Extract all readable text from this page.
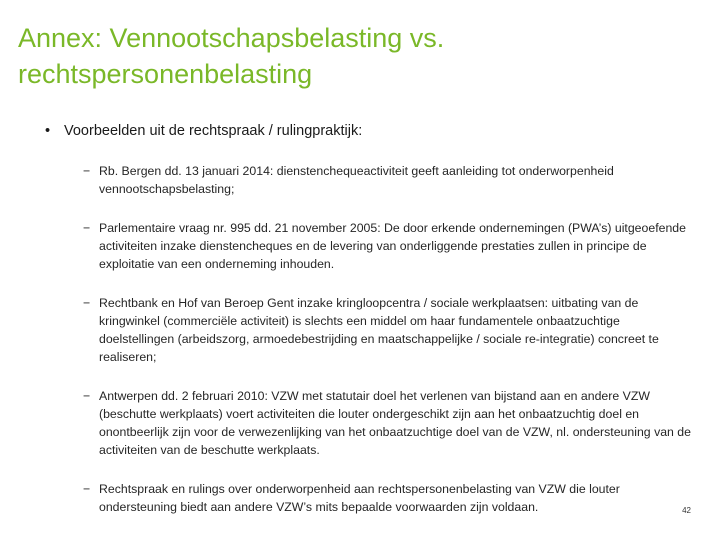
Annex: Vennootschapsbelasting vs.
rechtspersonenbelasting

• Voorbeelden uit de rechtspraak / rulingpraktijk:

− Rb. Bergen dd. 13 januari 2014: dienstenchequeactiviteit geeft aanleiding tot onderworpenheid vennootschapsbelasting;
− Parlementaire vraag nr. 995 dd. 21 november 2005: De door erkende ondernemingen (PWA’s) uitgeoefende activiteiten inzake dienstencheques en de levering van onderliggende prestaties zullen in principe de exploitatie van een onderneming inhouden.
− Rechtbank en Hof van Beroep Gent inzake kringloopcentra / sociale werkplaatsen: uitbating van de kringwinkel (commerciële activiteit) is slechts een middel om haar fundamentele onbaatzuchtige doelstellingen (arbeidszorg, armoedebestrijding en maatschappelijke / sociale re-integratie) concreet te realiseren;
− Antwerpen dd. 2 februari 2010: VZW met statutair doel het verlenen van bijstand aan en andere VZW (beschutte werkplaats) voert activiteiten die louter ondergeschikt zijn aan het onbaatzuchtig doel en onontbeerlijk zijn voor de verwezenlijking van het onbaatzuchtige doel van de VZW, nl. ondersteuning van de activiteiten van de beschutte werkplaats.
− Rechtspraak en rulings over onderworpenheid aan rechtspersonenbelasting van VZW die louter ondersteuning biedt aan andere VZW’s mits bepaalde voorwaarden zijn voldaan.	42
